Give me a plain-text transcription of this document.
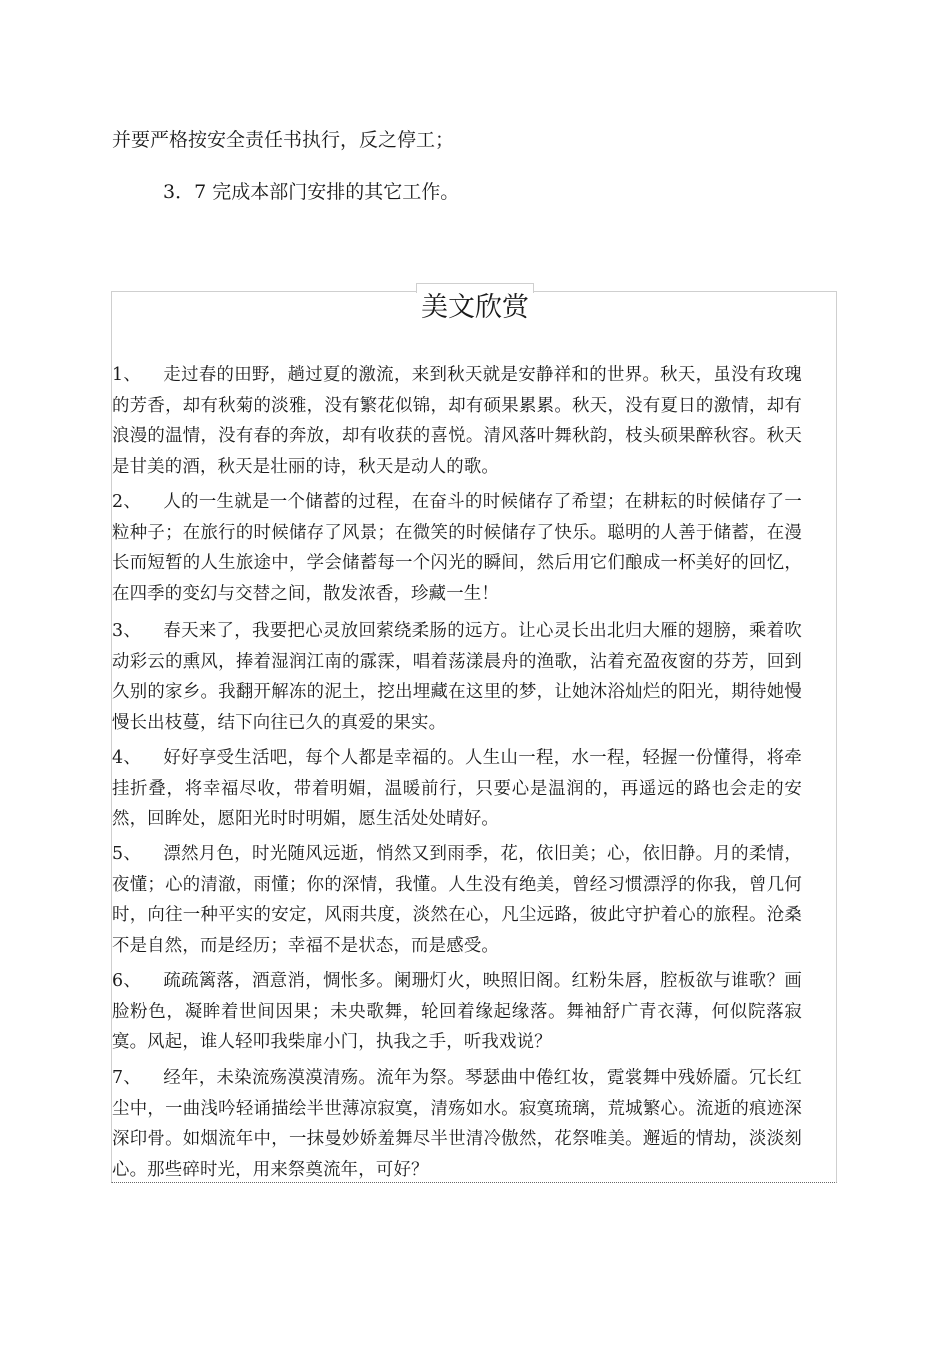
并要严格按安全责任书执行，反之停工；
3．7 完成本部门安排的其它工作。
美文欣赏
1、 走过春的田野，趟过夏的激流，来到秋天就是安静祥和的世界。秋天，虽没有玫瑰的芳香，却有秋菊的淡雅，没有繁花似锦，却有硕果累累。秋天，没有夏日的激情，却有浪漫的温情，没有春的奔放，却有收获的喜悦。清风落叶舞秋韵，枝头硕果醉秋容。秋天是甘美的酒，秋天是壮丽的诗，秋天是动人的歌。
2、 人的一生就是一个储蓄的过程，在奋斗的时候储存了希望；在耕耘的时候储存了一粒种子；在旅行的时候储存了风景；在微笑的时候储存了快乐。聪明的人善于储蓄，在漫长而短暂的人生旅途中，学会储蓄每一个闪光的瞬间，然后用它们酿成一杯美好的回忆，在四季的变幻与交替之间，散发浓香，珍藏一生！
3、 春天来了，我要把心灵放回萦绕柔肠的远方。让心灵长出北归大雁的翅膀，乘着吹动彩云的熏风，捧着湿润江南的霡霂，唱着荡漾晨舟的渔歌，沾着充盈夜窗的芬芳，回到久别的家乡。我翻开解冻的泥土，挖出埋藏在这里的梦，让她沐浴灿烂的阳光，期待她慢慢长出枝蔓，结下向往已久的真爱的果实。
4、 好好享受生活吧，每个人都是幸福的。人生山一程，水一程，轻握一份懂得，将牵挂折叠，将幸福尽收，带着明媚，温暖前行，只要心是温润的，再遥远的路也会走的安然，回眸处，愿阳光时时明媚，愿生活处处晴好。
5、 漂然月色，时光随风远逝，悄然又到雨季，花，依旧美；心，依旧静。月的柔情，夜懂；心的清澈，雨懂；你的深情，我懂。人生没有绝美，曾经习惯漂浮的你我，曾几何时，向往一种平实的安定，风雨共度，淡然在心，凡尘远路，彼此守护着心的旅程。沧桑不是自然，而是经历；幸福不是状态，而是感受。
6、 疏疏篱落，酒意消，惆怅多。阑珊灯火，映照旧阁。红粉朱唇，腔板欲与谁歌？画脸粉色，凝眸着世间因果；未央歌舞，轮回着缘起缘落。舞袖舒广青衣薄，何似院落寂寞。风起，谁人轻叩我柴扉小门，执我之手，听我戏说？
7、 经年，未染流殇漠漠清殇。流年为祭。琴瑟曲中倦红妆，霓裳舞中残娇靥。冗长红尘中，一曲浅吟轻诵描绘半世薄凉寂寞，清殇如水。寂寞琉璃，荒城繁心。流逝的痕迹深深印骨。如烟流年中，一抹曼妙娇羞舞尽半世清冷傲然，花祭唯美。邂逅的情劫，淡淡刻心。那些碎时光，用来祭奠流年，可好？
